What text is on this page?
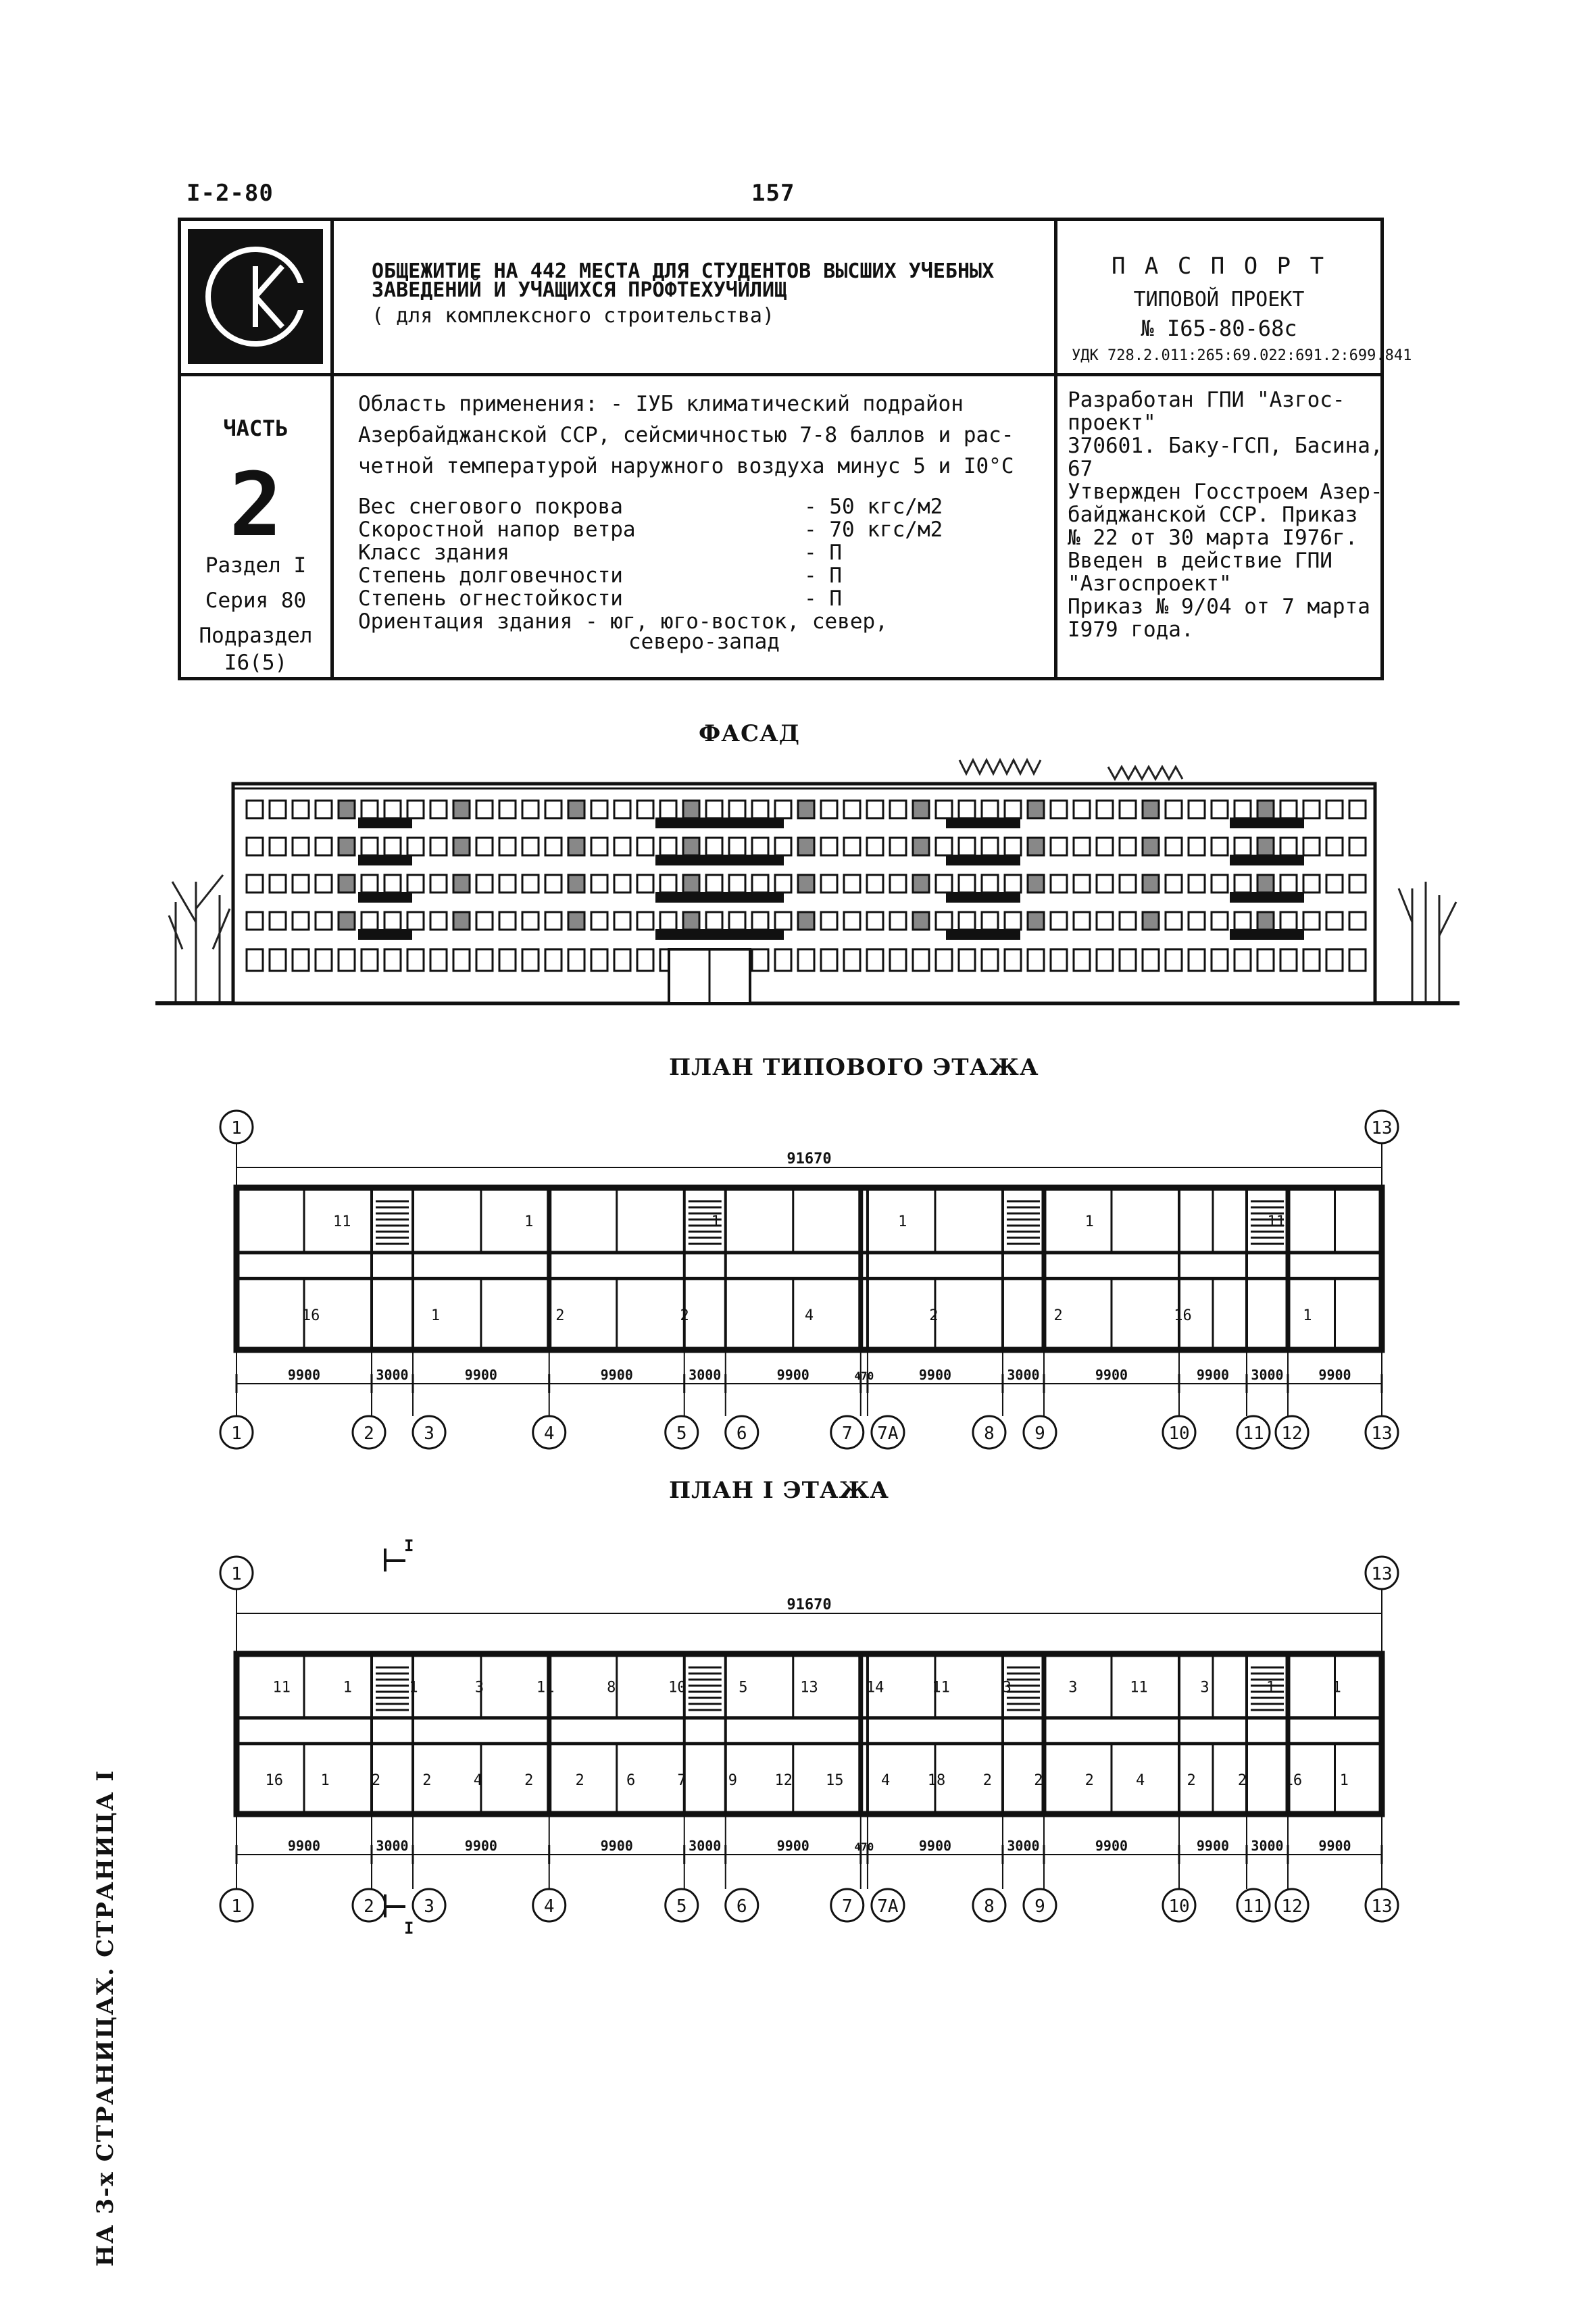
I-2-80	157
ОБЩЕЖИТИЕ НА 442 МЕСТА ДЛЯ СТУДЕНТОВ ВЫСШИХ УЧЕБНЫХ
ЗАВЕДЕНИЙ И УЧАЩИХСЯ ПРОФТЕХУЧИЛИЩ
( для комплексного строительства)
П А С П О Р Т
ТИПОВОЙ ПРОЕКТ
№ I65-80-68с
УДК 728.2.011:265:69.022:691.2:699.841
ЧАСТЬ
2
Раздел I
Серия 80
Подраздел
I6(5)
Область применения: - IУБ климатический подрайон
Азербайджанской ССР, сейсмичностью 7-8 баллов и рас-
четной температурой наружного воздуха минус 5 и I0°С
Вес снегового покрова	- 50 кгс/м2
Скоростной напор ветра	- 70 кгс/м2
Класс здания	- П
Степень долговечности	- П
Степень огнестойкости	- П
Ориентация здания - юг, юго-восток, север,
северо-запад
Разработан ГПИ "Азгос-
проект"
370601. Баку-ГСП, Басина,
67
Утвержден Госстроем Азер-
байджанской ССР. Приказ
№ 22 от 30 марта I976г.
Введен в действие ГПИ
"Азгоспроект"
Приказ № 9/04 от 7 марта
I979 года.
ФАСАД
ПЛАН ТИПОВОГО ЭТАЖА
1	13
91670
11	1	1	1	1	11
16	1	2	2	4	2	2	16	1
9900	3000	9900	9900	3000	9900	470	9900	3000	9900	9900 3000	9900
1	2	3	4	5	6	7 7А	8 9	10	11 12	13
ПЛАН I ЭТАЖА
1	13
91670
11	1	1	3	11	8	10	5	13	14	11	3	3	11	3	1	1
16	1	2	2	4	2	2	6	7	9	12 15	4	18	2	2	2	4	2	2	16	1
9900	3000	9900	9900	3000	9900	470	9900	3000	9900	9900 3000	9900
1	2	3	4	5	6	7 7А	8 9	10	11 12	13
I
I
НА 3-х СТРАНИЦАХ. СТРАНИЦА I
